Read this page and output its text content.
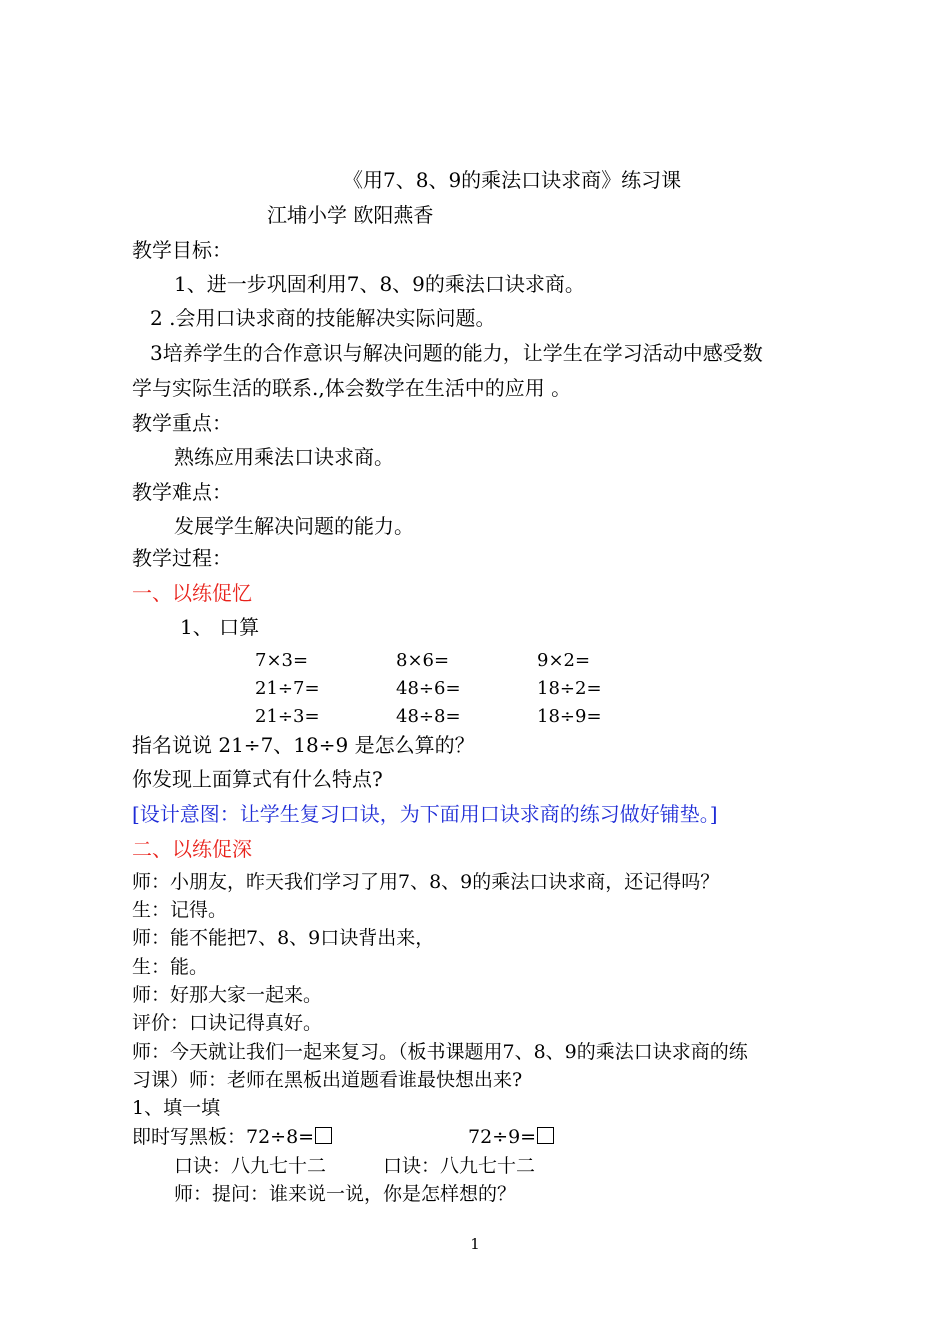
《用7、8、9的乘法口诀求商》练习课
江埔小学 欧阳燕香
教学目标：
1、进一步巩固利用7、8、9的乘法口诀求商。
2 .会用口诀求商的技能解决实际问题。
3培养学生的合作意识与解决问题的能力，让学生在学习活动中感受数
学与实际生活的联系.,体会数学在生活中的应用 。
教学重点：
熟练应用乘法口诀求商。
教学难点：
发展学生解决问题的能力。
教学过程：
一、以练促忆
1、 口算
7×3=	8×6=	9×2=
21÷7=	48÷6=	18÷2=
21÷3=	48÷8=	18÷9=
指名说说 21÷7、18÷9 是怎么算的？
你发现上面算式有什么特点?
[设计意图：让学生复习口诀，为下面用口诀求商的练习做好铺垫。]
二、以练促深
师：小朋友，昨天我们学习了用7、8、9的乘法口诀求商，还记得吗？
生：记得。
师：能不能把7、8、9口诀背出来，
生：能。
师：好那大家一起来。
评价：口诀记得真好。
师：今天就让我们一起来复习。（板书课题用7、8、9的乘法口诀求商的练
习课）师：老师在黑板出道题看谁最快想出来?
1、填一填
即时写黑板：72÷8=	72÷9=
口诀：八九七十二	口诀：八九七十二
师：提问：谁来说一说，你是怎样想的？
1
